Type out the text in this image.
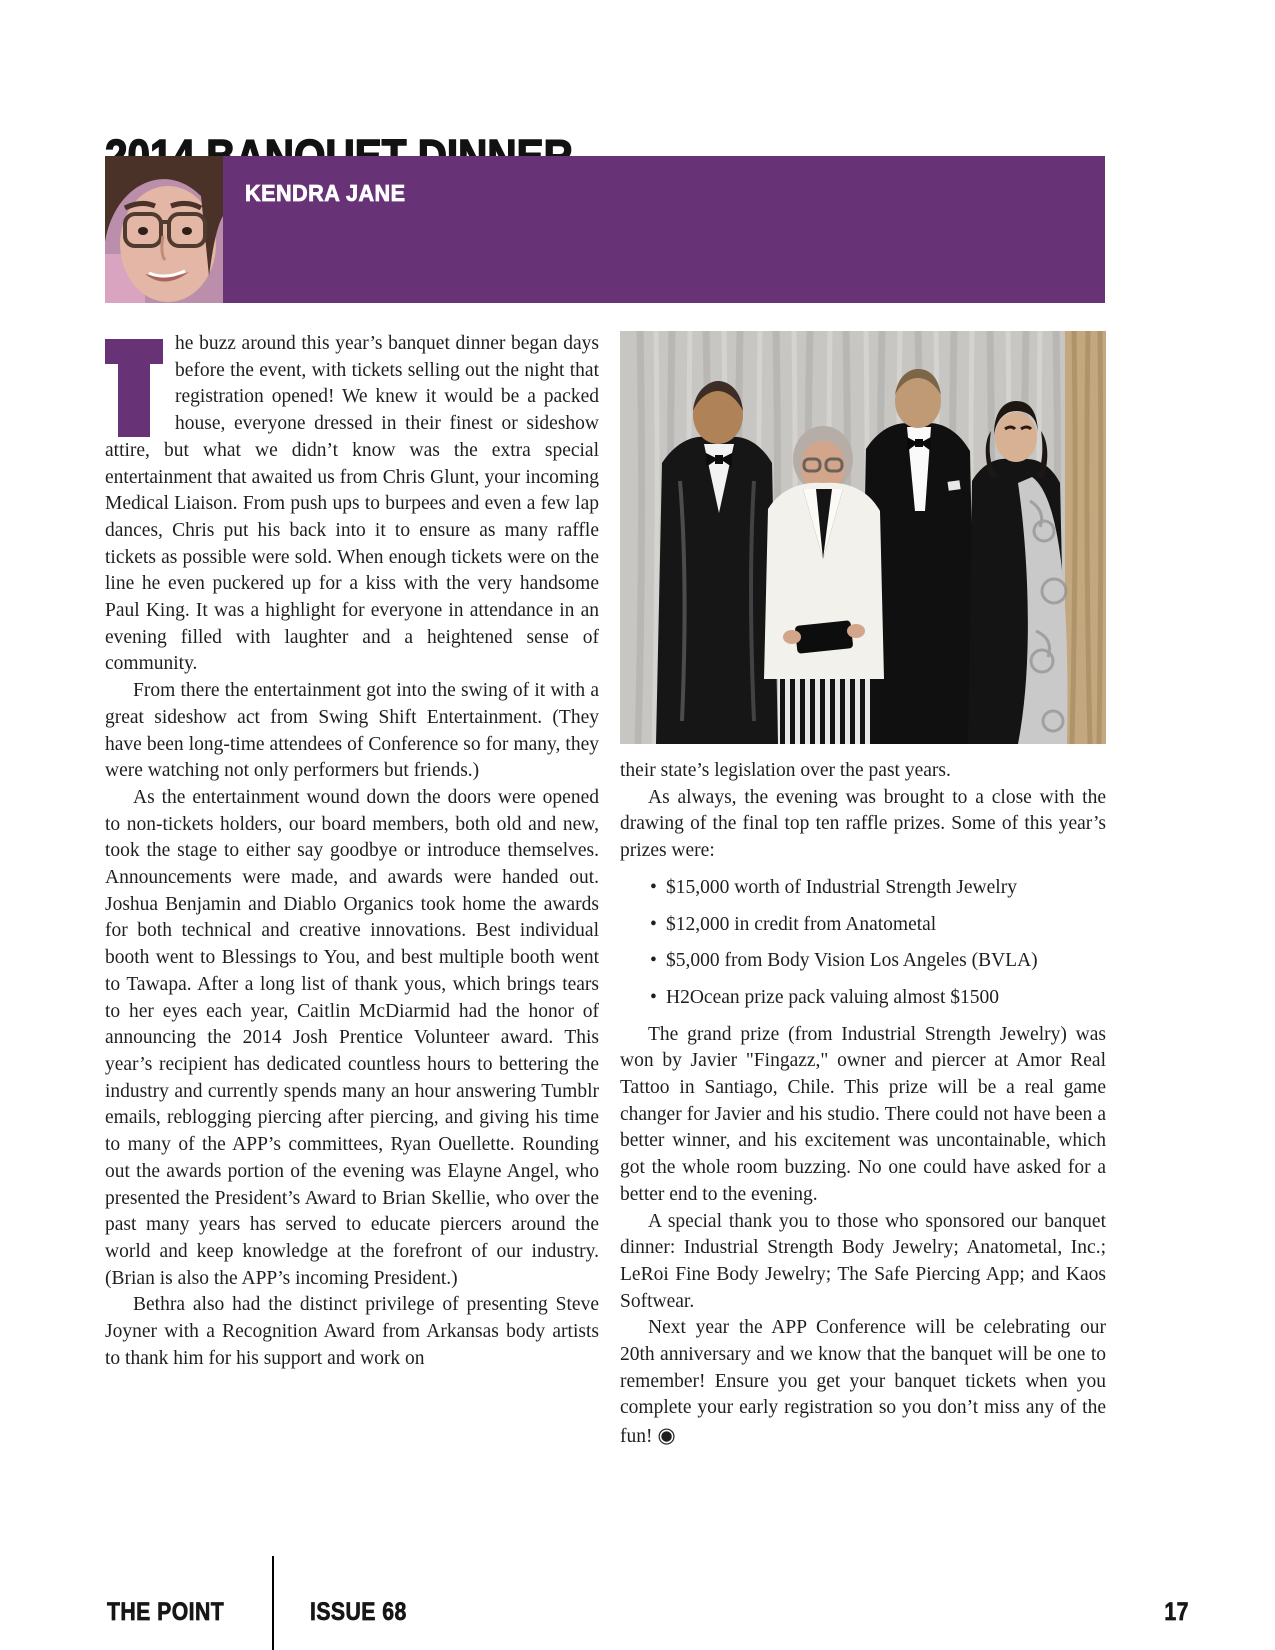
KENDRA JANE

he buzz around this year’s banquet dinner began days before the event, with tickets selling out the night that registration opened! We knew it would be a packed house, everyone dressed in their finest or sideshow attire, but what we didn’t know was the extra special entertainment that awaited us from Chris Glunt, your incoming Medical Liaison. From push ups to burpees and even a few lap dances, Chris put his back into it to ensure as many raffle tickets as possible were sold. When enough tickets were on the line he even puckered up for a kiss with the very handsome Paul King. It was a highlight for everyone in attendance in an evening filled with laughter and a heightened sense of community.

From there the entertainment got into the swing of it with a great sideshow act from Swing Shift Entertainment. (They have been long-time attendees of Conference so for many, they were watching not only performers but friends.)

As the entertainment wound down the doors were opened to non-tickets holders, our board members, both old and new, took the stage to either say goodbye or introduce themselves. Announcements were made, and awards were handed out. Joshua Benjamin and Diablo Organics took home the awards for both technical and creative innovations. Best individual booth went to Blessings to You, and best multiple booth went to Tawapa. After a long list of thank yous, which brings tears to her eyes each year, Caitlin McDiarmid had the honor of announcing the 2014 Josh Prentice Volunteer award. This year’s recipient has dedicated countless hours to bettering the industry and currently spends many an hour answering Tumblr emails, reblogging piercing after piercing, and giving his time to many of the APP’s committees, Ryan Ouellette. Rounding out the awards portion of the evening was Elayne Angel, who presented the President’s Award to Brian Skellie, who over the past many years has served to educate piercers around the world and keep knowledge at the forefront of our industry. (Brian is also the APP’s incoming President.)

Bethra also had the distinct privilege of presenting Steve Joyner with a Recognition Award from Arkansas body artists to thank him for his support and work on

their state’s legislation over the past years.

As always, the evening was brought to a close with the drawing of the final top ten raffle prizes. Some of this year’s prizes were:

• $15,000 worth of Industrial Strength Jewelry
• $12,000 in credit from Anatometal
• $5,000 from Body Vision Los Angeles (BVLA)
• H2Ocean prize pack valuing almost $1500

The grand prize (from Industrial Strength Jewelry) was won by Javier "Fingazz," owner and piercer at Amor Real Tattoo in Santiago, Chile. This prize will be a real game changer for Javier and his studio. There could not have been a better winner, and his excitement was uncontainable, which got the whole room buzzing. No one could have asked for a better end to the evening.

A special thank you to those who sponsored our banquet dinner: Industrial Strength Body Jewelry; Anatometal, Inc.; LeRoi Fine Body Jewelry; The Safe Piercing App; and Kaos Softwear.

Next year the APP Conference will be celebrating our 20th anniversary and we know that the banquet will be one to remember! Ensure you get your banquet tickets when you complete your early registration so you don’t miss any of the fun! ◉

THE POINT	ISSUE 68	17
